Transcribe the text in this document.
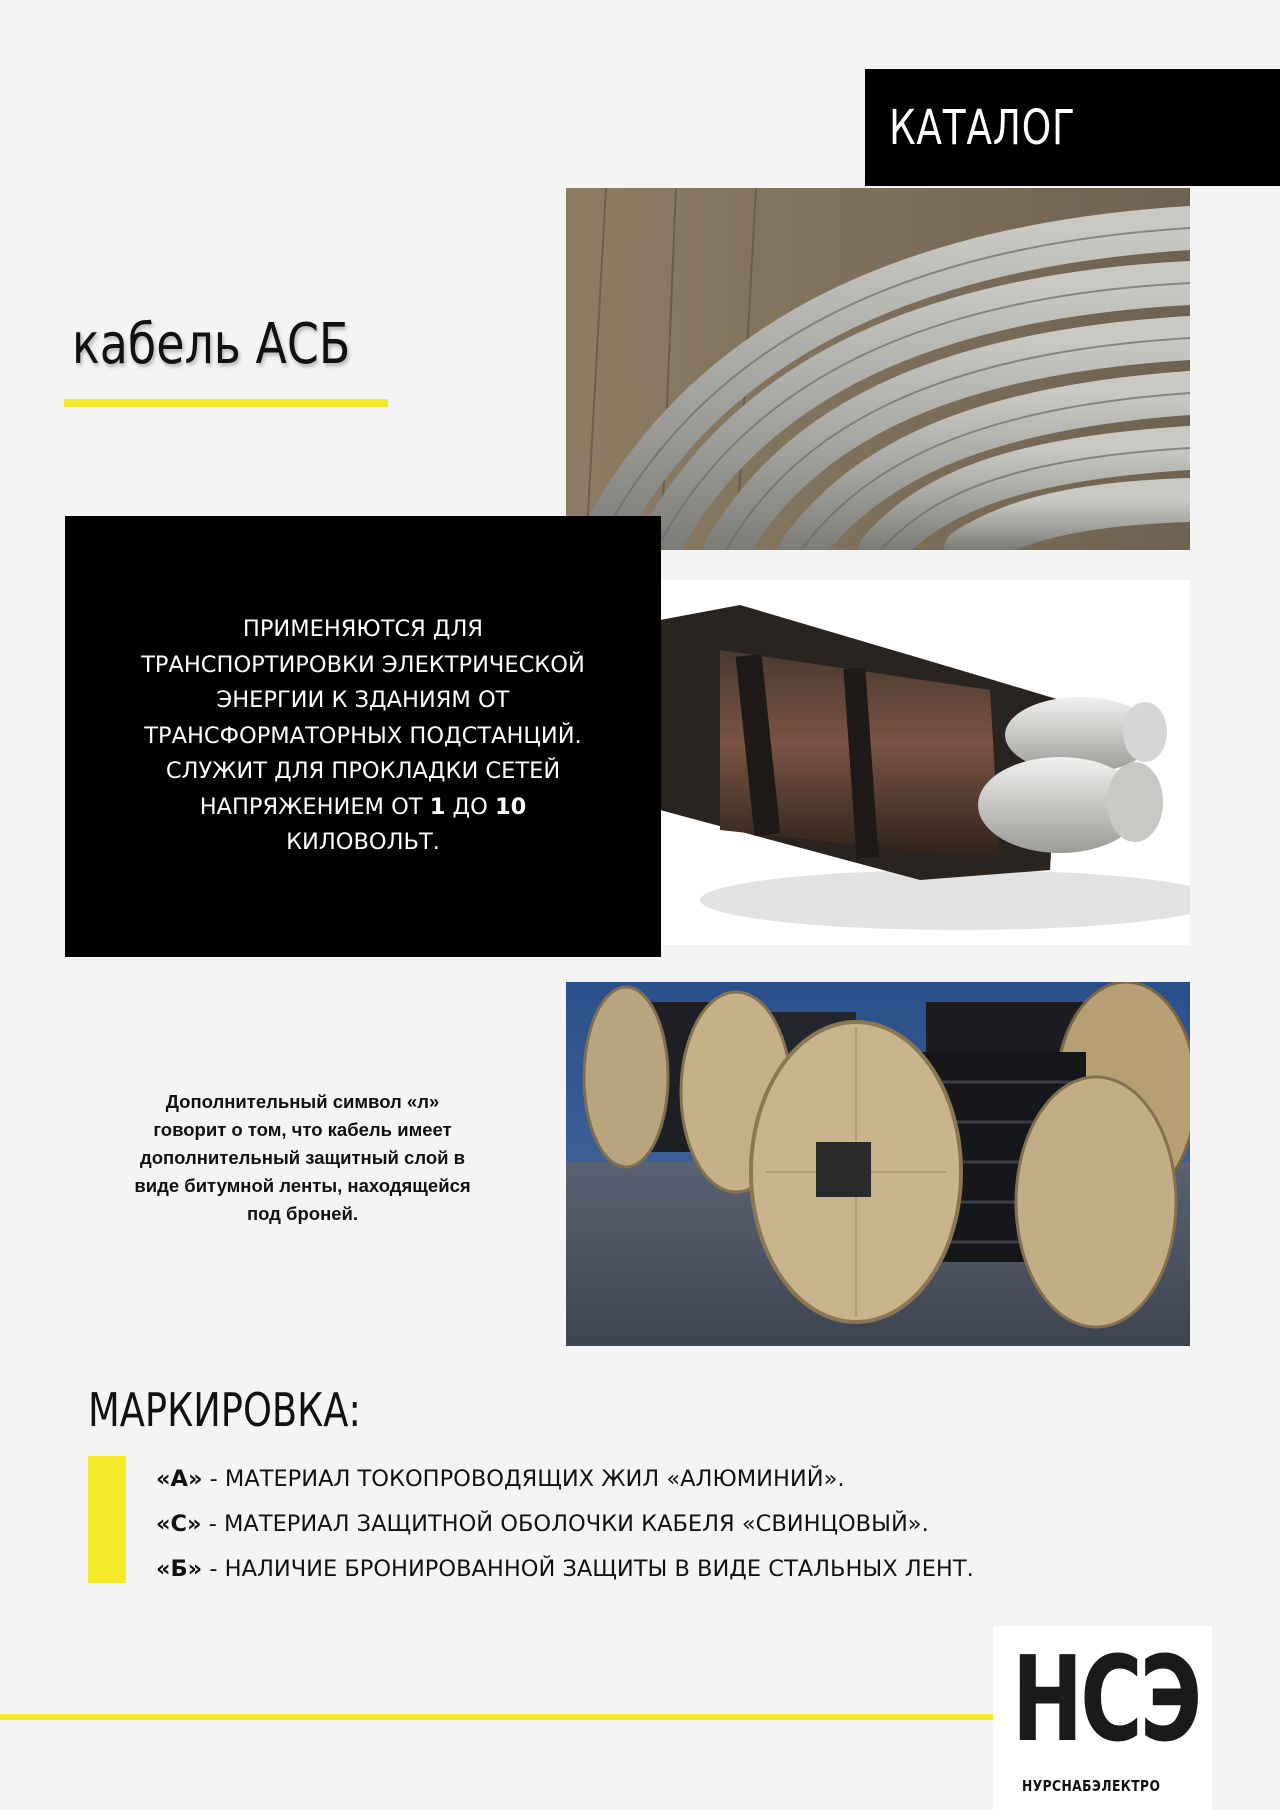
КАТАЛОГ
кабель АСБ
ПРИМЕНЯЮТСЯ ДЛЯ
ТРАНСПОРТИРОВКИ ЭЛЕКТРИЧЕСКОЙ
ЭНЕРГИИ К ЗДАНИЯМ ОТ
ТРАНСФОРМАТОРНЫХ ПОДСТАНЦИЙ.
СЛУЖИТ ДЛЯ ПРОКЛАДКИ СЕТЕЙ
НАПРЯЖЕНИЕМ ОТ 1 ДО 10
КИЛОВОЛЬТ.
Дополнительный символ «л»
говорит о том, что кабель имеет
дополнительный защитный слой в
виде битумной ленты, находящейся
под броней.
МАРКИРОВКА:
«А» - МАТЕРИАЛ ТОКОПРОВОДЯЩИХ ЖИЛ «АЛЮМИНИЙ».
«С» - МАТЕРИАЛ ЗАЩИТНОЙ ОБОЛОЧКИ КАБЕЛЯ «СВИНЦОВЫЙ».
«Б» - НАЛИЧИЕ БРОНИРОВАННОЙ ЗАЩИТЫ В ВИДЕ СТАЛЬНЫХ ЛЕНТ.
НСЭ
НУРСНАБЭЛЕКТРО
